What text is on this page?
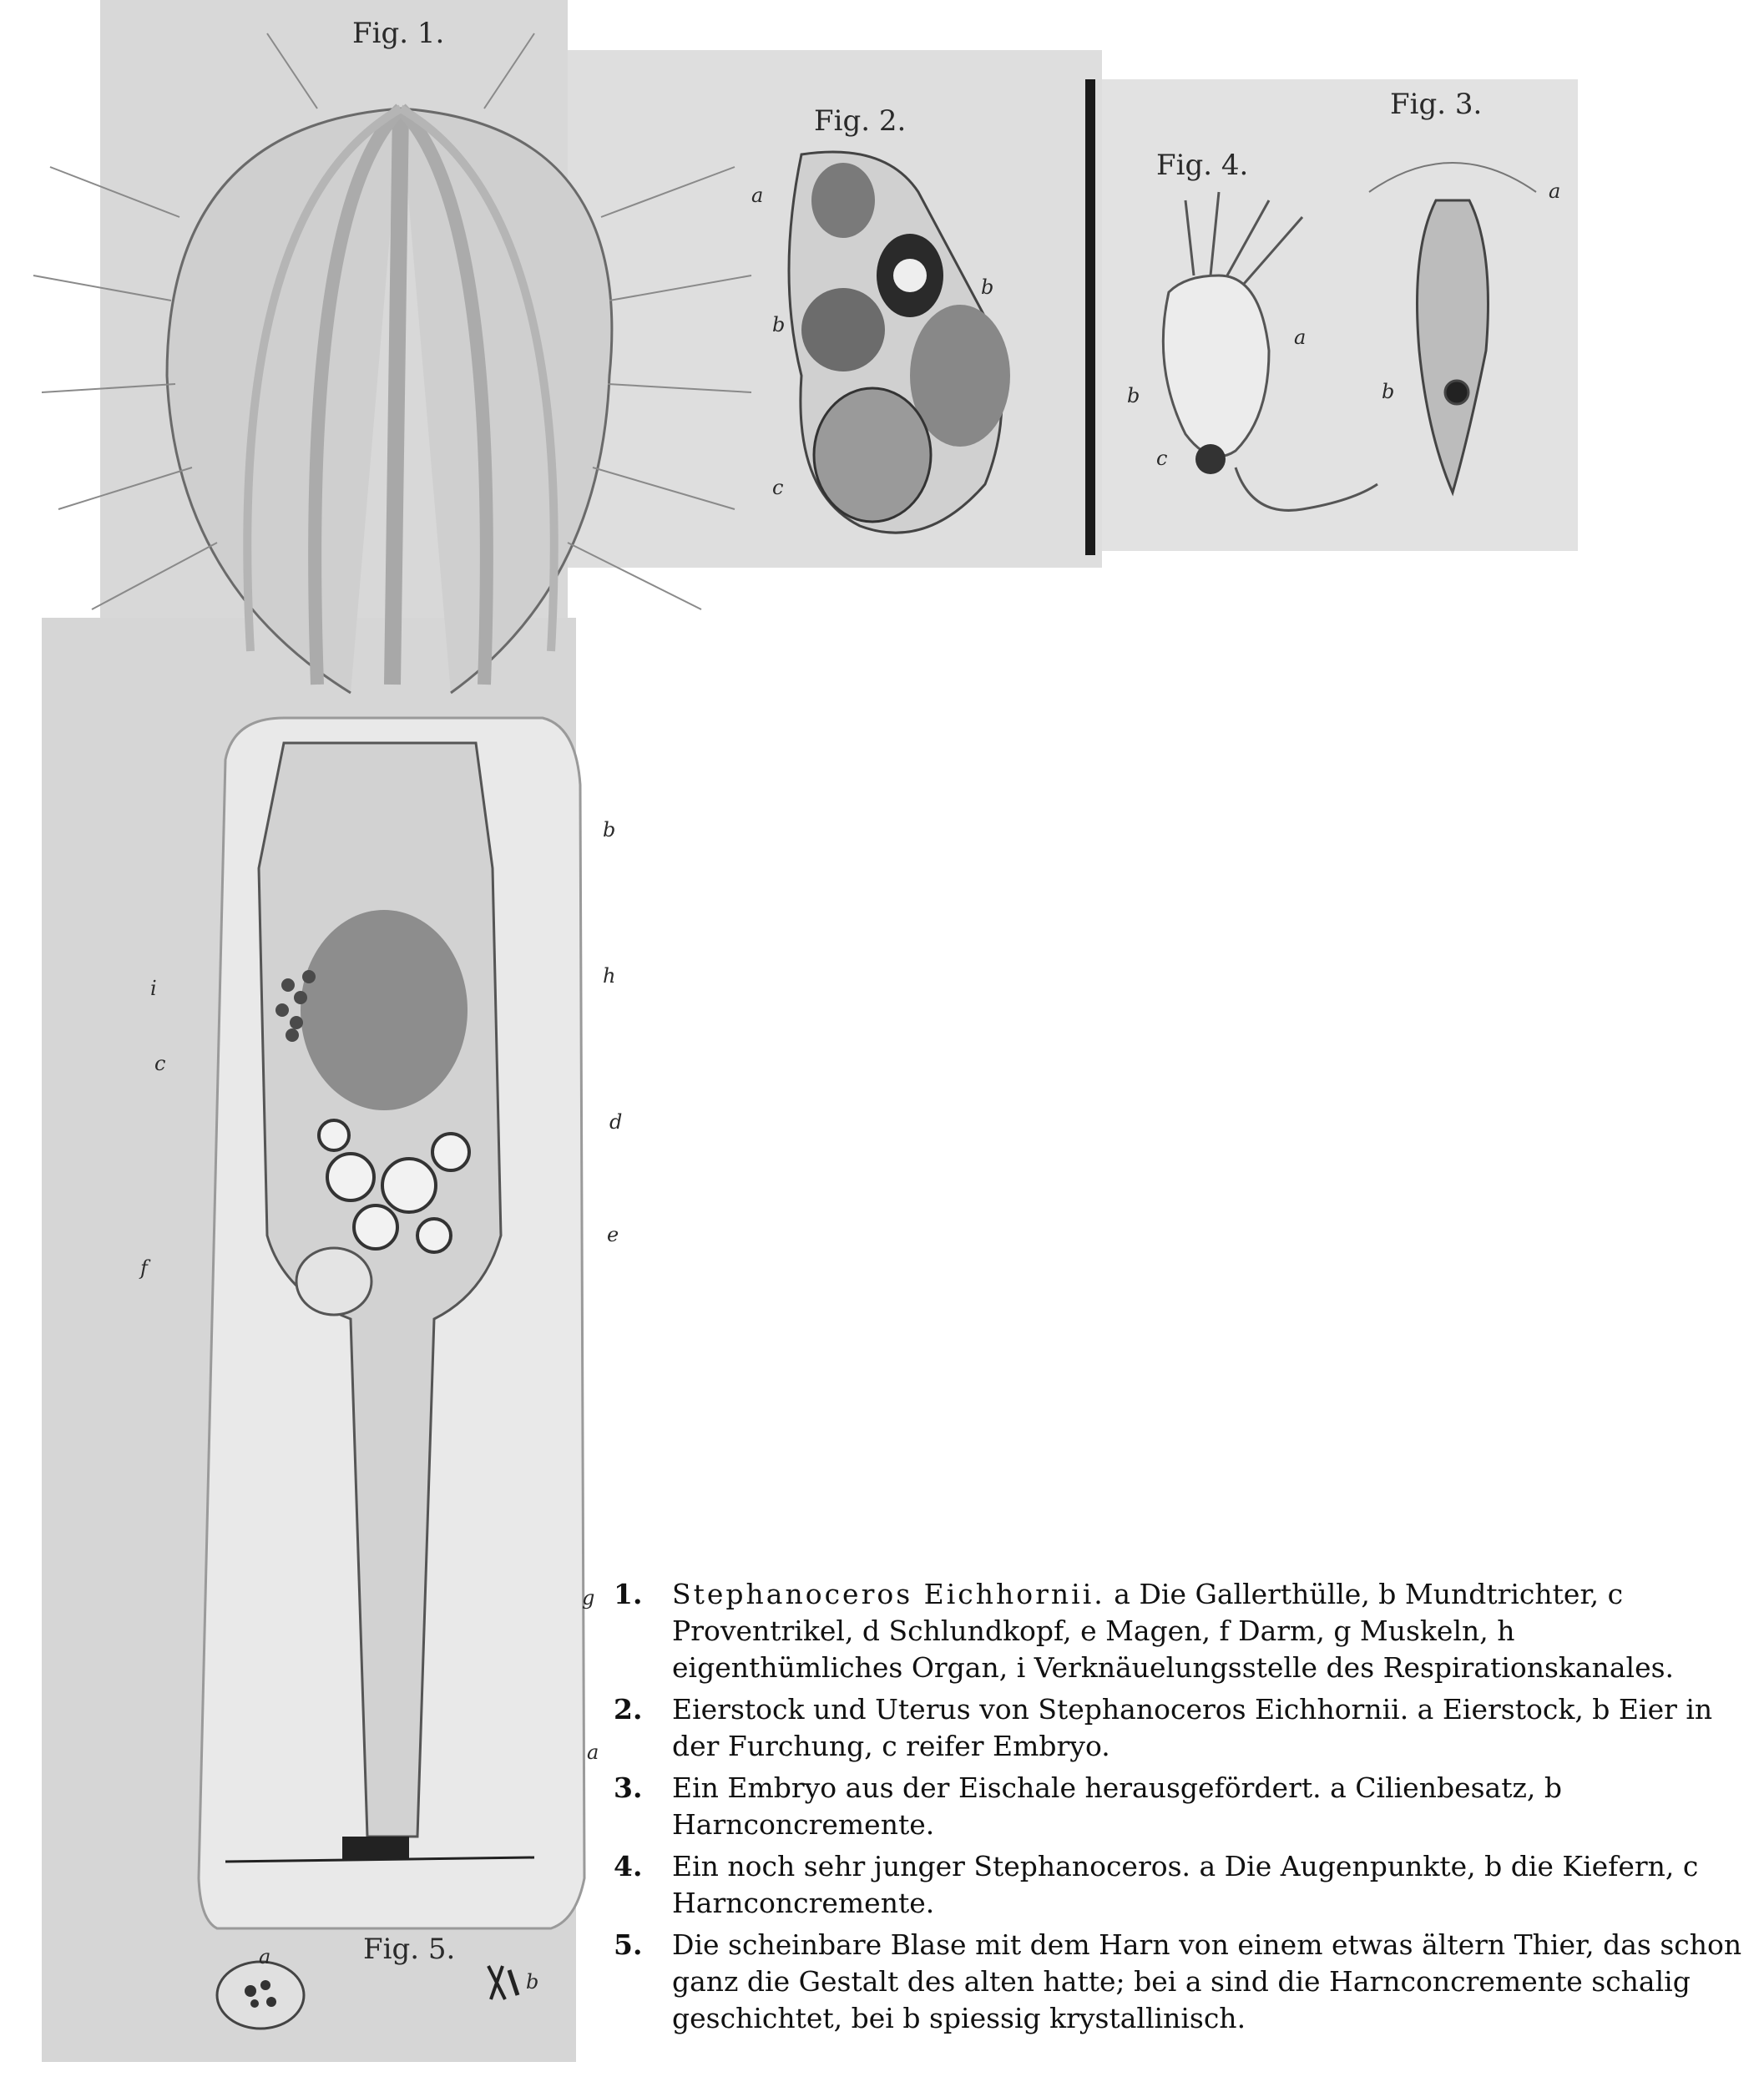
Fig. 1.
Fig. 2.	Fig. 3.
Fig. 4.
Fig. 5.
b
h
i
c
d
e
f
g
a
a
b
b
c
a
b
a
b
c
a
b
1.	Stephanoceros Eichhornii. a Die Gallerthülle, b Mundtrichter, c Proventrikel, d Schlundkopf, e Magen, f Darm, g Muskeln, h eigenthümliches Organ, i Verknäuelungsstelle des Respirationskanales.
2.	Eierstock und Uterus von Stephanoceros Eichhornii. a Eierstock, b Eier in der Furchung, c reifer Embryo.
3.	Ein Embryo aus der Eischale herausgefördert. a Cilienbesatz, b Harnconcremente.
4.	Ein noch sehr junger Stephanoceros. a Die Augenpunkte, b die Kiefern, c Harnconcremente.
5.	Die scheinbare Blase mit dem Harn von einem etwas ältern Thier, das schon ganz die Gestalt des alten hatte; bei a sind die Harnconcremente schalig geschichtet, bei b spiessig krystallinisch.
